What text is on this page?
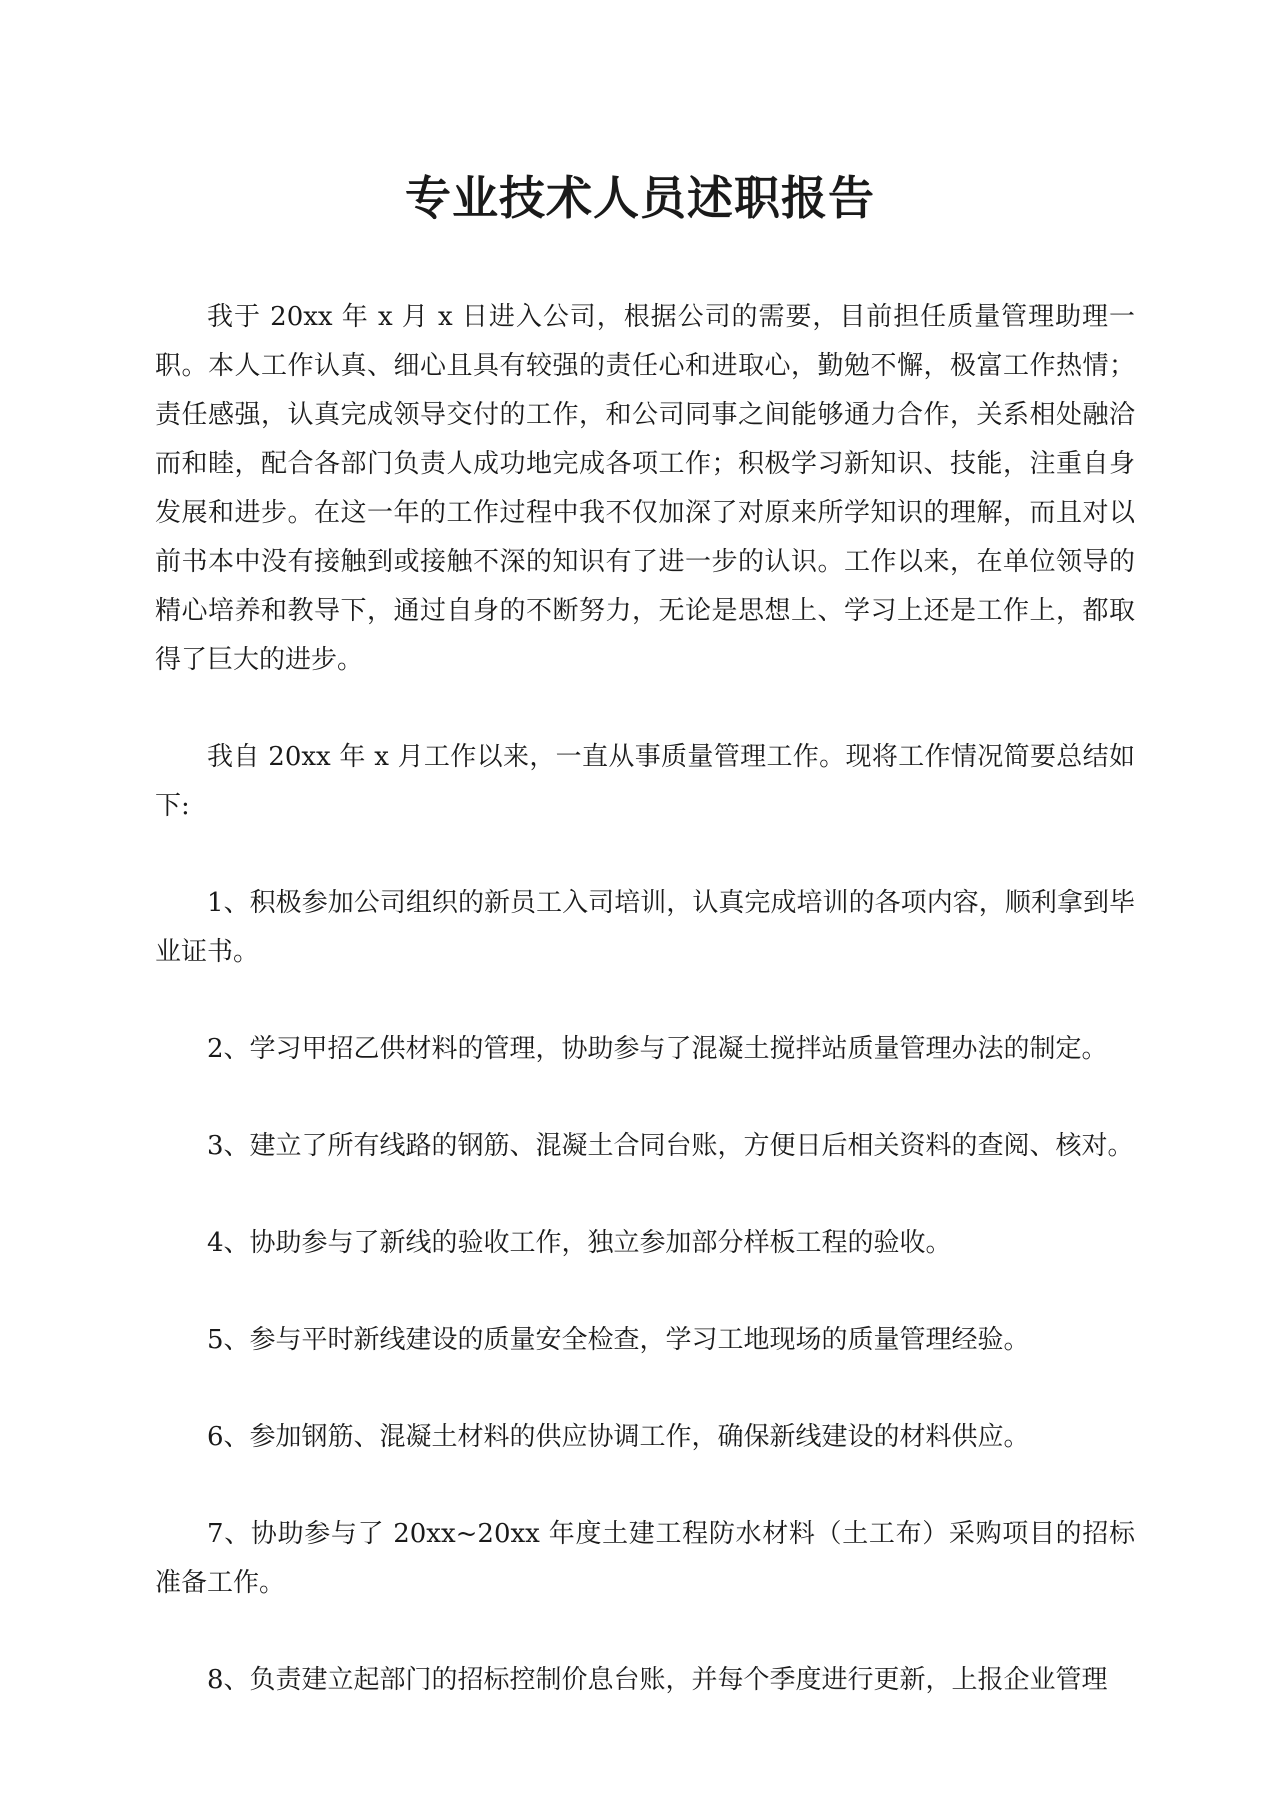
专业技术人员述职报告

我于 20xx 年 x 月 x 日进入公司，根据公司的需要，目前担任质量管理助理一职。本人工作认真、细心且具有较强的责任心和进取心，勤勉不懈，极富工作热情；责任感强，认真完成领导交付的工作，和公司同事之间能够通力合作，关系相处融洽而和睦，配合各部门负责人成功地完成各项工作；积极学习新知识、技能，注重自身发展和进步。在这一年的工作过程中我不仅加深了对原来所学知识的理解，而且对以前书本中没有接触到或接触不深的知识有了进一步的认识。工作以来，在单位领导的精心培养和教导下，通过自身的不断努力，无论是思想上、学习上还是工作上，都取得了巨大的进步。

我自 20xx 年 x 月工作以来，一直从事质量管理工作。现将工作情况简要总结如下:

1、积极参加公司组织的新员工入司培训，认真完成培训的各项内容，顺利拿到毕业证书。

2、学习甲招乙供材料的管理，协助参与了混凝土搅拌站质量管理办法的制定。

3、建立了所有线路的钢筋、混凝土合同台账，方便日后相关资料的查阅、核对。

4、协助参与了新线的验收工作，独立参加部分样板工程的验收。

5、参与平时新线建设的质量安全检查，学习工地现场的质量管理经验。

6、参加钢筋、混凝土材料的供应协调工作，确保新线建设的材料供应。

7、协助参与了 20xx~20xx 年度土建工程防水材料（土工布）采购项目的招标准备工作。

8、负责建立起部门的招标控制价息台账，并每个季度进行更新，上报企业管理
